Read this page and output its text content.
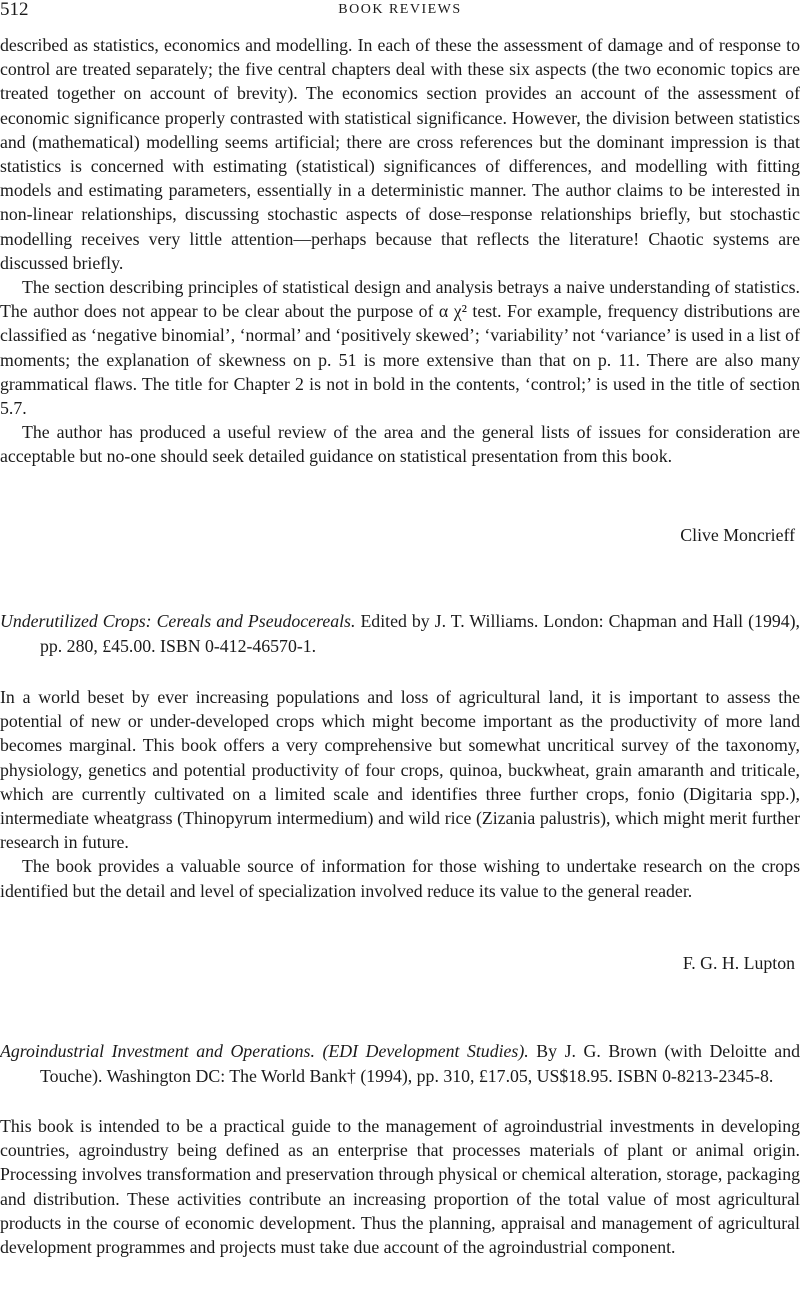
512	BOOK REVIEWS

described as statistics, economics and modelling. In each of these the assessment of damage and of response to control are treated separately; the five central chapters deal with these six aspects (the two economic topics are treated together on account of brevity). The economics section provides an account of the assessment of economic significance properly contrasted with statistical significance. However, the division between statistics and (mathematical) modelling seems artificial; there are cross references but the dominant impression is that statistics is concerned with estimating (statistical) significances of differences, and modelling with fitting models and estimating parameters, essentially in a deterministic manner. The author claims to be interested in non-linear relationships, discussing stochastic aspects of dose–response relationships briefly, but stochastic modelling receives very little attention—perhaps because that reflects the literature! Chaotic systems are discussed briefly.

The section describing principles of statistical design and analysis betrays a naive understanding of statistics. The author does not appear to be clear about the purpose of α χ² test. For example, frequency distributions are classified as ‘negative binomial’, ‘normal’ and ‘positively skewed’; ‘variability’ not ‘variance’ is used in a list of moments; the explanation of skewness on p. 51 is more extensive than that on p. 11. There are also many grammatical flaws. The title for Chapter 2 is not in bold in the contents, ‘control;’ is used in the title of section 5.7.

The author has produced a useful review of the area and the general lists of issues for consideration are acceptable but no-one should seek detailed guidance on statistical presentation from this book.

Clive Moncrieff

Underutilized Crops: Cereals and Pseudocereals. Edited by J. T. Williams. London: Chapman and Hall (1994), pp. 280, £45.00. ISBN 0-412-46570-1.

In a world beset by ever increasing populations and loss of agricultural land, it is important to assess the potential of new or under-developed crops which might become important as the productivity of more land becomes marginal. This book offers a very comprehensive but somewhat uncritical survey of the taxonomy, physiology, genetics and potential productivity of four crops, quinoa, buckwheat, grain amaranth and triticale, which are currently cultivated on a limited scale and identifies three further crops, fonio (Digitaria spp.), intermediate wheatgrass (Thinopyrum intermedium) and wild rice (Zizania palustris), which might merit further research in future.

The book provides a valuable source of information for those wishing to undertake research on the crops identified but the detail and level of specialization involved reduce its value to the general reader.

F. G. H. Lupton

Agroindustrial Investment and Operations. (EDI Development Studies). By J. G. Brown (with Deloitte and Touche). Washington DC: The World Bank† (1994), pp. 310, £17.05, US$18.95. ISBN 0-8213-2345-8.

This book is intended to be a practical guide to the management of agroindustrial investments in developing countries, agroindustry being defined as an enterprise that processes materials of plant or animal origin. Processing involves transformation and preservation through physical or chemical alteration, storage, packaging and distribution. These activities contribute an increasing proportion of the total value of most agricultural products in the course of economic development. Thus the planning, appraisal and management of agricultural development programmes and projects must take due account of the agroindustrial component.
